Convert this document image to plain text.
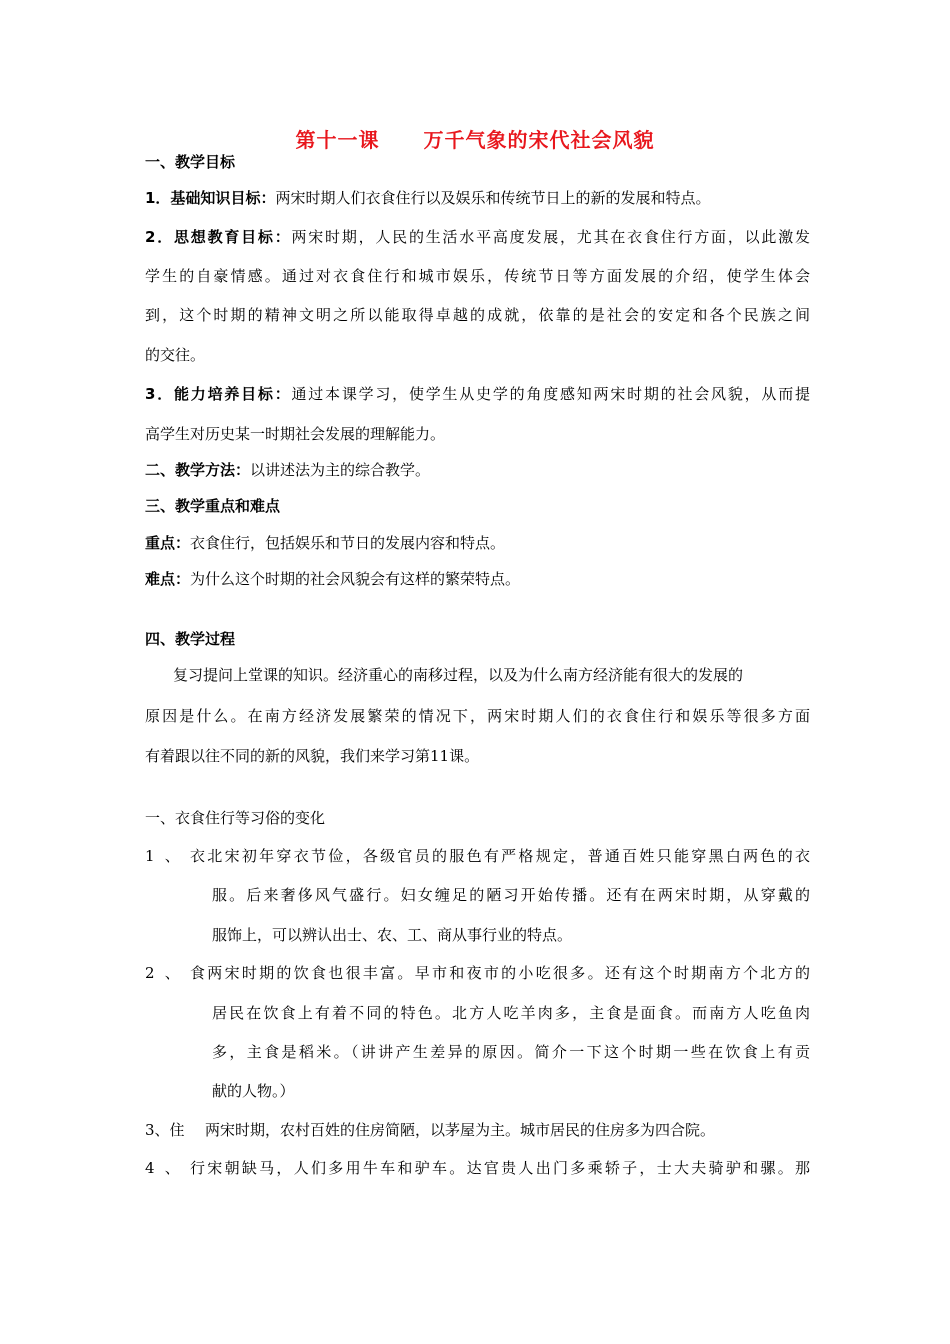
第十一课 万千气象的宋代社会风貌
一、教学目标
1．基础知识目标：两宋时期人们衣食住行以及娱乐和传统节日上的新的发展和特点。
2．思想教育目标：两宋时期，人民的生活水平高度发展，尤其在衣食住行方面，以此激发
学生的自豪情感。通过对衣食住行和城市娱乐，传统节日等方面发展的介绍，使学生体会
到，这个时期的精神文明之所以能取得卓越的成就，依靠的是社会的安定和各个民族之间
的交往。
3．能力培养目标：通过本课学习，使学生从史学的角度感知两宋时期的社会风貌，从而提
高学生对历史某一时期社会发展的理解能力。
二、教学方法：以讲述法为主的综合教学。
三、教学重点和难点
重点：衣食住行，包括娱乐和节日的发展内容和特点。
难点：为什么这个时期的社会风貌会有这样的繁荣特点。
四、教学过程
复习提问上堂课的知识。经济重心的南移过程，以及为什么南方经济能有很大的发展的
原因是什么。在南方经济发展繁荣的情况下，两宋时期人们的衣食住行和娱乐等很多方面
有着跟以往不同的新的风貌，我们来学习第11课。
一、衣食住行等习俗的变化
1、衣北宋初年穿衣节俭，各级官员的服色有严格规定，普通百姓只能穿黑白两色的衣
服。后来奢侈风气盛行。妇女缠足的陋习开始传播。还有在两宋时期，从穿戴的
服饰上，可以辨认出士、农、工、商从事行业的特点。
2、食两宋时期的饮食也很丰富。早市和夜市的小吃很多。还有这个时期南方个北方的
居民在饮食上有着不同的特色。北方人吃羊肉多，主食是面食。而南方人吃鱼肉
多，主食是稻米。（讲讲产生差异的原因。简介一下这个时期一些在饮食上有贡
献的人物。）
3、住 两宋时期，农村百姓的住房简陋，以茅屋为主。城市居民的住房多为四合院。
4、行宋朝缺马，人们多用牛车和驴车。达官贵人出门多乘轿子，士大夫骑驴和骡。那
